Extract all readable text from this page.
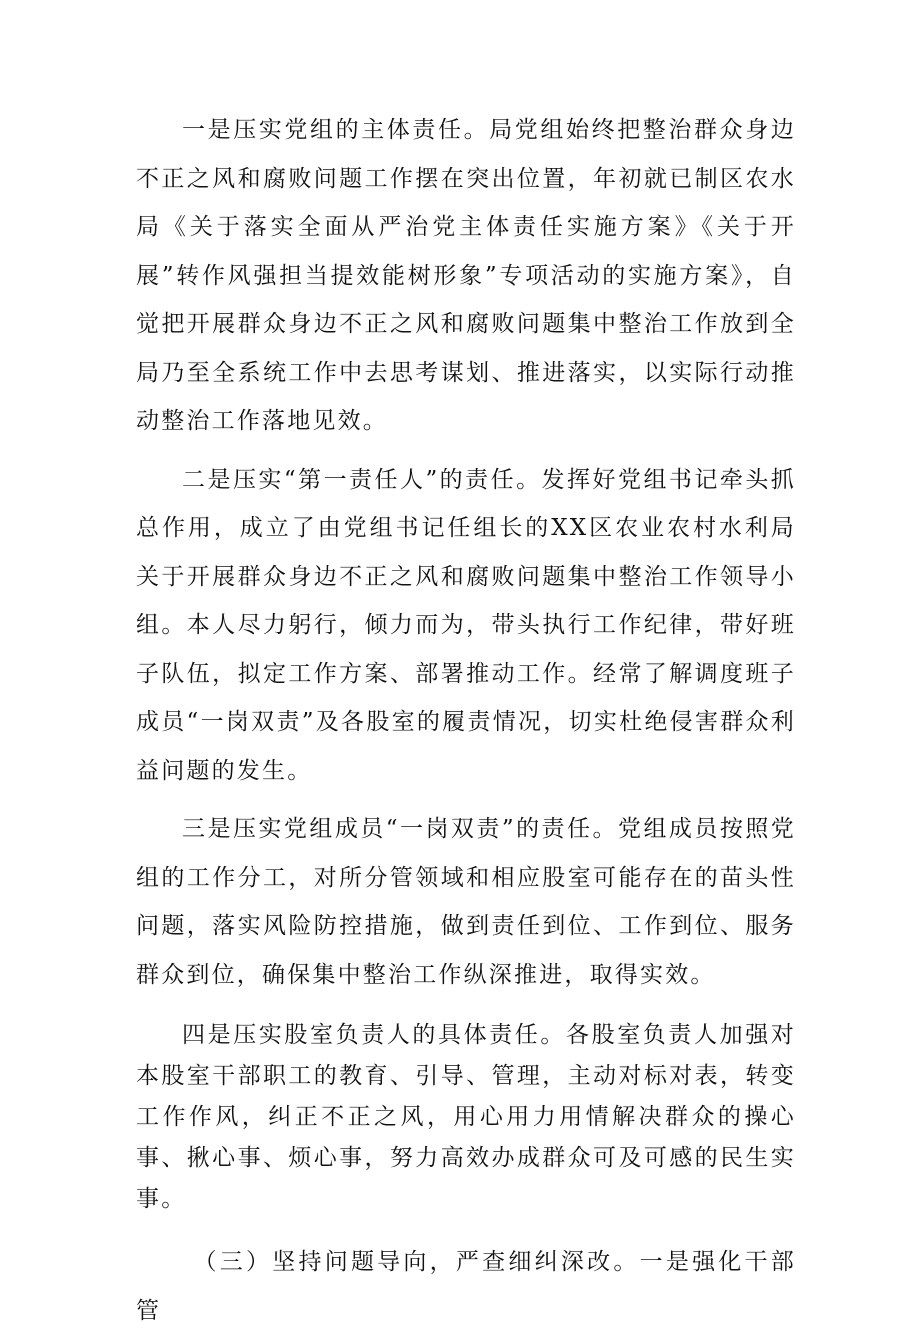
一是压实党组的主体责任。局党组始终把整治群众身边不正之风和腐败问题工作摆在突出位置，年初就已制区农水局《关于落实全面从严治党主体责任实施方案》《关于开展”转作风强担当提效能树形象”专项活动的实施方案》，自觉把开展群众身边不正之风和腐败问题集中整治工作放到全局乃至全系统工作中去思考谋划、推进落实，以实际行动推动整治工作落地见效。

二是压实“第一责任人”的责任。发挥好党组书记牵头抓总作用，成立了由党组书记任组长的XX区农业农村水利局关于开展群众身边不正之风和腐败问题集中整治工作领导小组。本人尽力躬行，倾力而为，带头执行工作纪律，带好班子队伍，拟定工作方案、部署推动工作。经常了解调度班子成员“一岗双责”及各股室的履责情况，切实杜绝侵害群众利益问题的发生。

三是压实党组成员“一岗双责”的责任。党组成员按照党组的工作分工，对所分管领域和相应股室可能存在的苗头性问题，落实风险防控措施，做到责任到位、工作到位、服务群众到位，确保集中整治工作纵深推进，取得实效。

四是压实股室负责人的具体责任。各股室负责人加强对本股室干部职工的教育、引导、管理，主动对标对表，转变工作作风，纠正不正之风，用心用力用情解决群众的操心事、揪心事、烦心事，努力高效办成群众可及可感的民生实事。

（三）坚持问题导向，严查细纠深改。一是强化干部管
